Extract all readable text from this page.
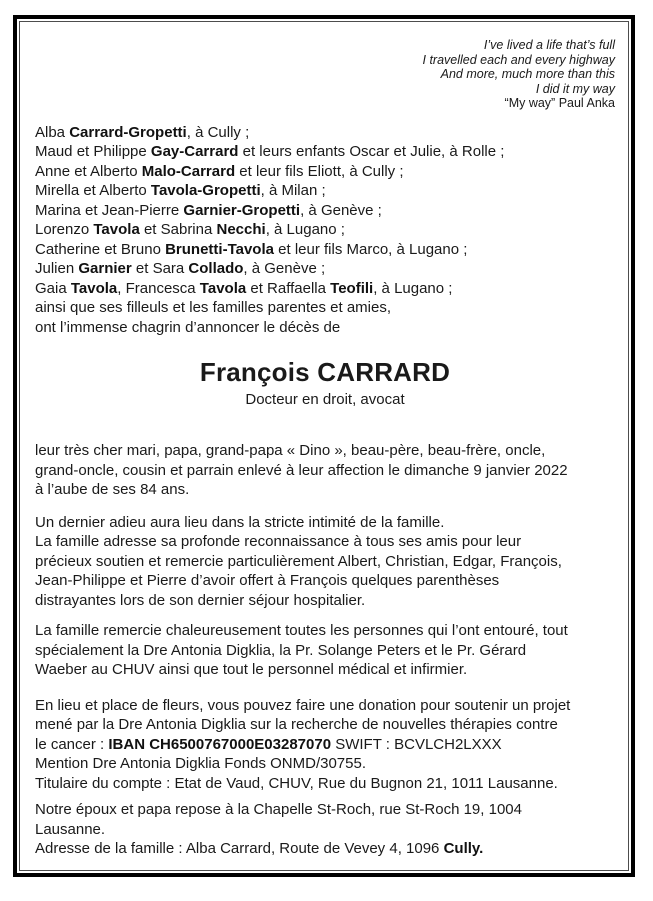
I’ve lived a life that’s full
I travelled each and every highway
And more, much more than this
I did it my way
“My way” Paul Anka
Alba Carrard-Gropetti, à Cully ;
Maud et Philippe Gay-Carrard et leurs enfants Oscar et Julie, à Rolle ;
Anne et Alberto Malo-Carrard et leur fils Eliott, à Cully ;
Mirella et Alberto Tavola-Gropetti, à Milan ;
Marina et Jean-Pierre Garnier-Gropetti, à Genève ;
Lorenzo Tavola et Sabrina Necchi, à Lugano ;
Catherine et Bruno Brunetti-Tavola et leur fils Marco, à Lugano ;
Julien Garnier et Sara Collado, à Genève ;
Gaia Tavola, Francesca Tavola et Raffaella Teofili, à Lugano ;
ainsi que ses filleuls et les familles parentes et amies,
ont l’immense chagrin d’annoncer le décès de
François CARRARD
Docteur en droit, avocat

leur très cher mari, papa, grand-papa « Dino », beau-père, beau-frère, oncle,
grand-oncle, cousin et parrain enlevé à leur affection le dimanche 9 janvier 2022
à l’aube de ses 84 ans.

Un dernier adieu aura lieu dans la stricte intimité de la famille.
La famille adresse sa profonde reconnaissance à tous ses amis pour leur
précieux soutien et remercie particulièrement Albert, Christian, Edgar, François,
Jean-Philippe et Pierre d’avoir offert à François quelques parenthèses
distrayantes lors de son dernier séjour hospitalier.

La famille remercie chaleureusement toutes les personnes qui l’ont entouré, tout
spécialement la Dre Antonia Digklia, la Pr. Solange Peters et le Pr. Gérard
Waeber au CHUV ainsi que tout le personnel médical et infirmier.

En lieu et place de fleurs, vous pouvez faire une donation pour soutenir un projet
mené par la Dre Antonia Digklia sur la recherche de nouvelles thérapies contre
le cancer : IBAN CH6500767000E03287070 SWIFT : BCVLCH2LXXX
Mention Dre Antonia Digklia Fonds ONMD/30755.
Titulaire du compte : Etat de Vaud, CHUV, Rue du Bugnon 21, 1011 Lausanne.

Notre époux et papa repose à la Chapelle St-Roch, rue St-Roch 19, 1004
Lausanne.
Adresse de la famille : Alba Carrard, Route de Vevey 4, 1096 Cully.
